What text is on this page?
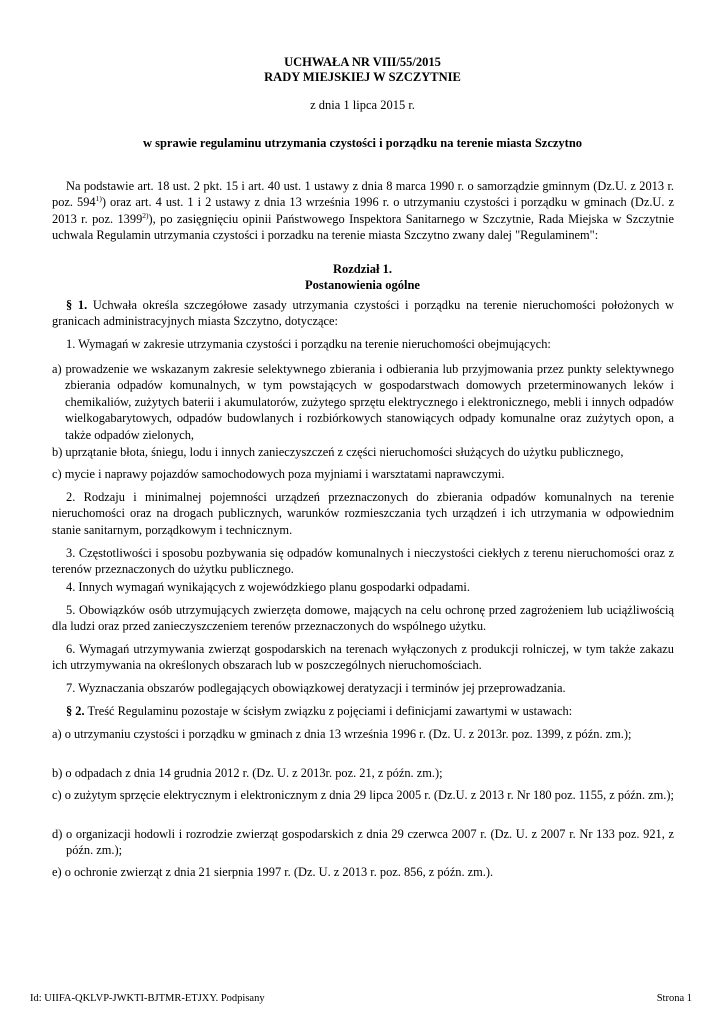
UCHWAŁA NR VIII/55/2015
RADY MIEJSKIEJ W SZCZYTNIE
z dnia 1 lipca 2015 r.
w sprawie regulaminu utrzymania czystości i porządku na terenie miasta Szczytno
Na podstawie art. 18 ust. 2 pkt. 15 i art. 40 ust. 1 ustawy z dnia 8 marca 1990 r. o samorządzie gminnym (Dz.U. z 2013 r. poz. 594$^{1)}$) oraz art. 4 ust. 1 i 2 ustawy z dnia 13 września 1996 r. o utrzymaniu czystości i porządku w gminach (Dz.U. z 2013 r. poz. 1399$^{2)}$), po zasięgnięciu opinii Państwowego Inspektora Sanitarnego w Szczytnie, Rada Miejska w Szczytnie uchwala Regulamin utrzymania czystości i porzadku na terenie miasta Szczytno zwany dalej "Regulaminem":
Rozdział 1.
Postanowienia ogólne
§ 1. Uchwała określa szczegółowe zasady utrzymania czystości i porządku na terenie nieruchomości położonych w granicach administracyjnych miasta Szczytno, dotyczące:
1. Wymagań w zakresie utrzymania czystości i porządku na terenie nieruchomości obejmujących:
a) prowadzenie we wskazanym zakresie selektywnego zbierania i odbierania lub przyjmowania przez punkty selektywnego zbierania odpadów komunalnych, w tym powstających w gospodarstwach domowych przeterminowanych leków i chemikaliów, zużytych baterii i akumulatorów, zużytego sprzętu elektrycznego i elektronicznego, mebli i innych odpadów wielkogabarytowych, odpadów budowlanych i rozbiórkowych stanowiących odpady komunalne oraz zużytych opon, a także odpadów zielonych,
b) uprzątanie błota, śniegu, lodu i innych zanieczyszczeń z części nieruchomości służących do użytku publicznego,
c) mycie i naprawy pojazdów samochodowych poza myjniami i warsztatami naprawczymi.
2. Rodzaju i minimalnej pojemności urządzeń przeznaczonych do zbierania odpadów komunalnych na terenie nieruchomości oraz na drogach publicznych, warunków rozmieszczania tych urządzeń i ich utrzymania w odpowiednim stanie sanitarnym, porządkowym i technicznym.
3. Częstotliwości i sposobu pozbywania się odpadów komunalnych i nieczystości ciekłych z terenu nieruchomości oraz z terenów przeznaczonych do użytku publicznego.
4. Innych wymagań wynikających z wojewódzkiego planu gospodarki odpadami.
5. Obowiązków osób utrzymujących zwierzęta domowe, mających na celu ochronę przed zagrożeniem lub uciążliwością dla ludzi oraz przed zanieczyszczeniem terenów przeznaczonych do wspólnego użytku.
6. Wymagań utrzymywania zwierząt gospodarskich na terenach wyłączonych z produkcji rolniczej, w tym także zakazu ich utrzymywania na określonych obszarach lub w poszczególnych nieruchomościach.
7. Wyznaczania obszarów podlegających obowiązkowej deratyzacji i terminów jej przeprowadzania.
§ 2. Treść Regulaminu pozostaje w ścisłym związku z pojęciami i definicjami zawartymi w ustawach:
a) o utrzymaniu czystości i porządku w gminach z dnia 13 września 1996 r. (Dz. U. z 2013r. poz. 1399, z późn. zm.);
b) o odpadach z dnia 14 grudnia 2012 r. (Dz. U. z 2013r. poz. 21, z późn. zm.);
c) o zużytym sprzęcie elektrycznym i elektronicznym z dnia 29 lipca 2005 r. (Dz.U. z 2013 r. Nr 180 poz. 1155, z późn. zm.);
d) o organizacji hodowli i rozrodzie zwierząt gospodarskich z dnia 29 czerwca 2007 r. (Dz. U. z 2007 r. Nr 133 poz. 921, z późn. zm.);
e) o ochronie zwierząt z dnia 21 sierpnia 1997 r. (Dz. U. z 2013 r. poz. 856, z późn. zm.).
Id: UIIFA-QKLVP-JWKTI-BJTMR-ETJXY. Podpisany	Strona 1
